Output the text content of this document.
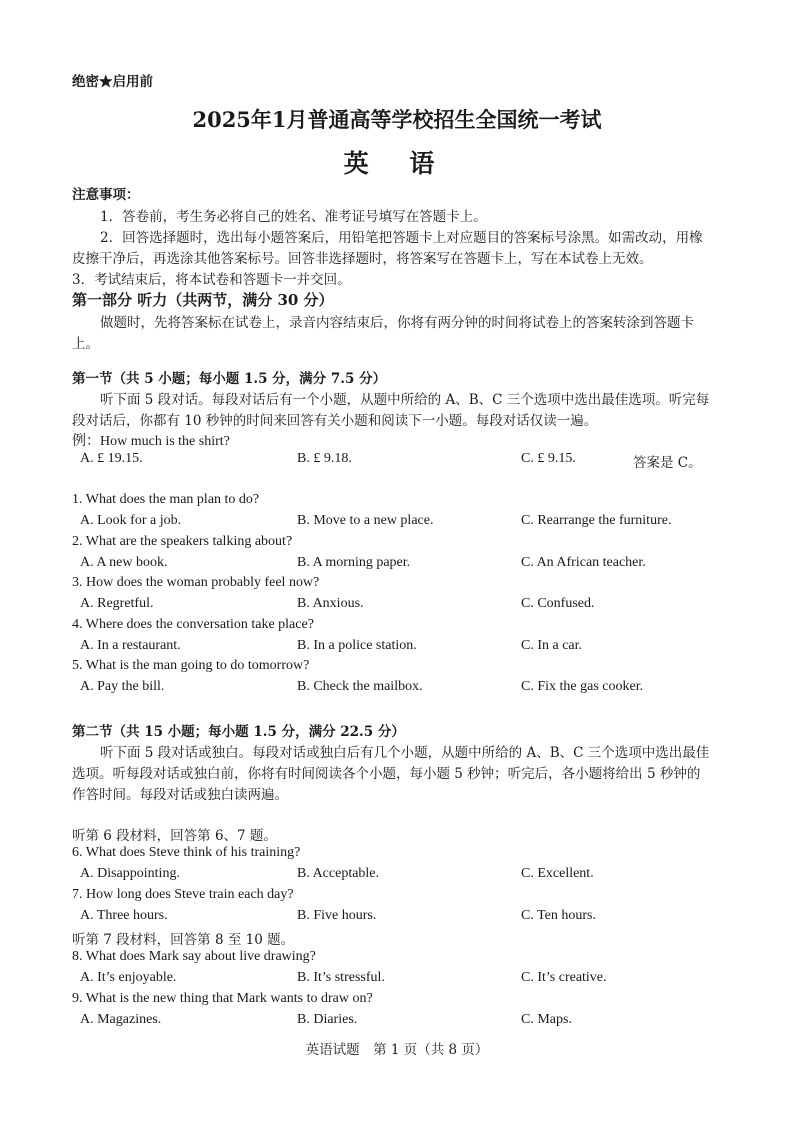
绝密★启用前
2025年1月普通高等学校招生全国统一考试
英 语
注意事项：
1．答卷前，考生务必将自己的姓名、准考证号填写在答题卡上。
2．回答选择题时，选出每小题答案后，用铅笔把答题卡上对应题目的答案标号涂黑。如需改动，用橡
皮擦干净后，再选涂其他答案标号。回答非选择题时，将答案写在答题卡上，写在本试卷上无效。
3．考试结束后，将本试卷和答题卡一并交回。
第一部分 听力（共两节，满分 30 分）
做题时，先将答案标在试卷上，录音内容结束后，你将有两分钟的时间将试卷上的答案转涂到答题卡
上。
第一节（共 5 小题；每小题 1.5 分，满分 7.5 分）
听下面 5 段对话。每段对话后有一个小题，从题中所给的 A、B、C 三个选项中选出最佳选项。听完每
段对话后，你都有 10 秒钟的时间来回答有关小题和阅读下一小题。每段对话仅读一遍。
例：How much is the shirt?
A. £ 19.15.	B. £ 9.18.	C. £ 9.15.	答案是 C。
1. What does the man plan to do?
A. Look for a job.	B. Move to a new place.	C. Rearrange the furniture.
2. What are the speakers talking about?
A. A new book.	B. A morning paper.	C. An African teacher.
3. How does the woman probably feel now?
A. Regretful.	B. Anxious.	C. Confused.
4. Where does the conversation take place?
A. In a restaurant.	B. In a police station.	C. In a car.
5. What is the man going to do tomorrow?
A. Pay the bill.	B. Check the mailbox.	C. Fix the gas cooker.
第二节（共 15 小题；每小题 1.5 分，满分 22.5 分）
听下面 5 段对话或独白。每段对话或独白后有几个小题，从题中所给的 A、B、C 三个选项中选出最佳
选项。听每段对话或独白前，你将有时间阅读各个小题，每小题 5 秒钟；听完后，各小题将给出 5 秒钟的
作答时间。每段对话或独白读两遍。
听第 6 段材料，回答第 6、7 题。
6. What does Steve think of his training?
A. Disappointing.	B. Acceptable.	C. Excellent.
7. How long does Steve train each day?
A. Three hours.	B. Five hours.	C. Ten hours.
听第 7 段材料，回答第 8 至 10 题。
8. What does Mark say about live drawing?
A. It’s enjoyable.	B. It’s stressful.	C. It’s creative.
9. What is the new thing that Mark wants to draw on?
A. Magazines.	B. Diaries.	C. Maps.
英语试题　第 1 页（共 8 页）
